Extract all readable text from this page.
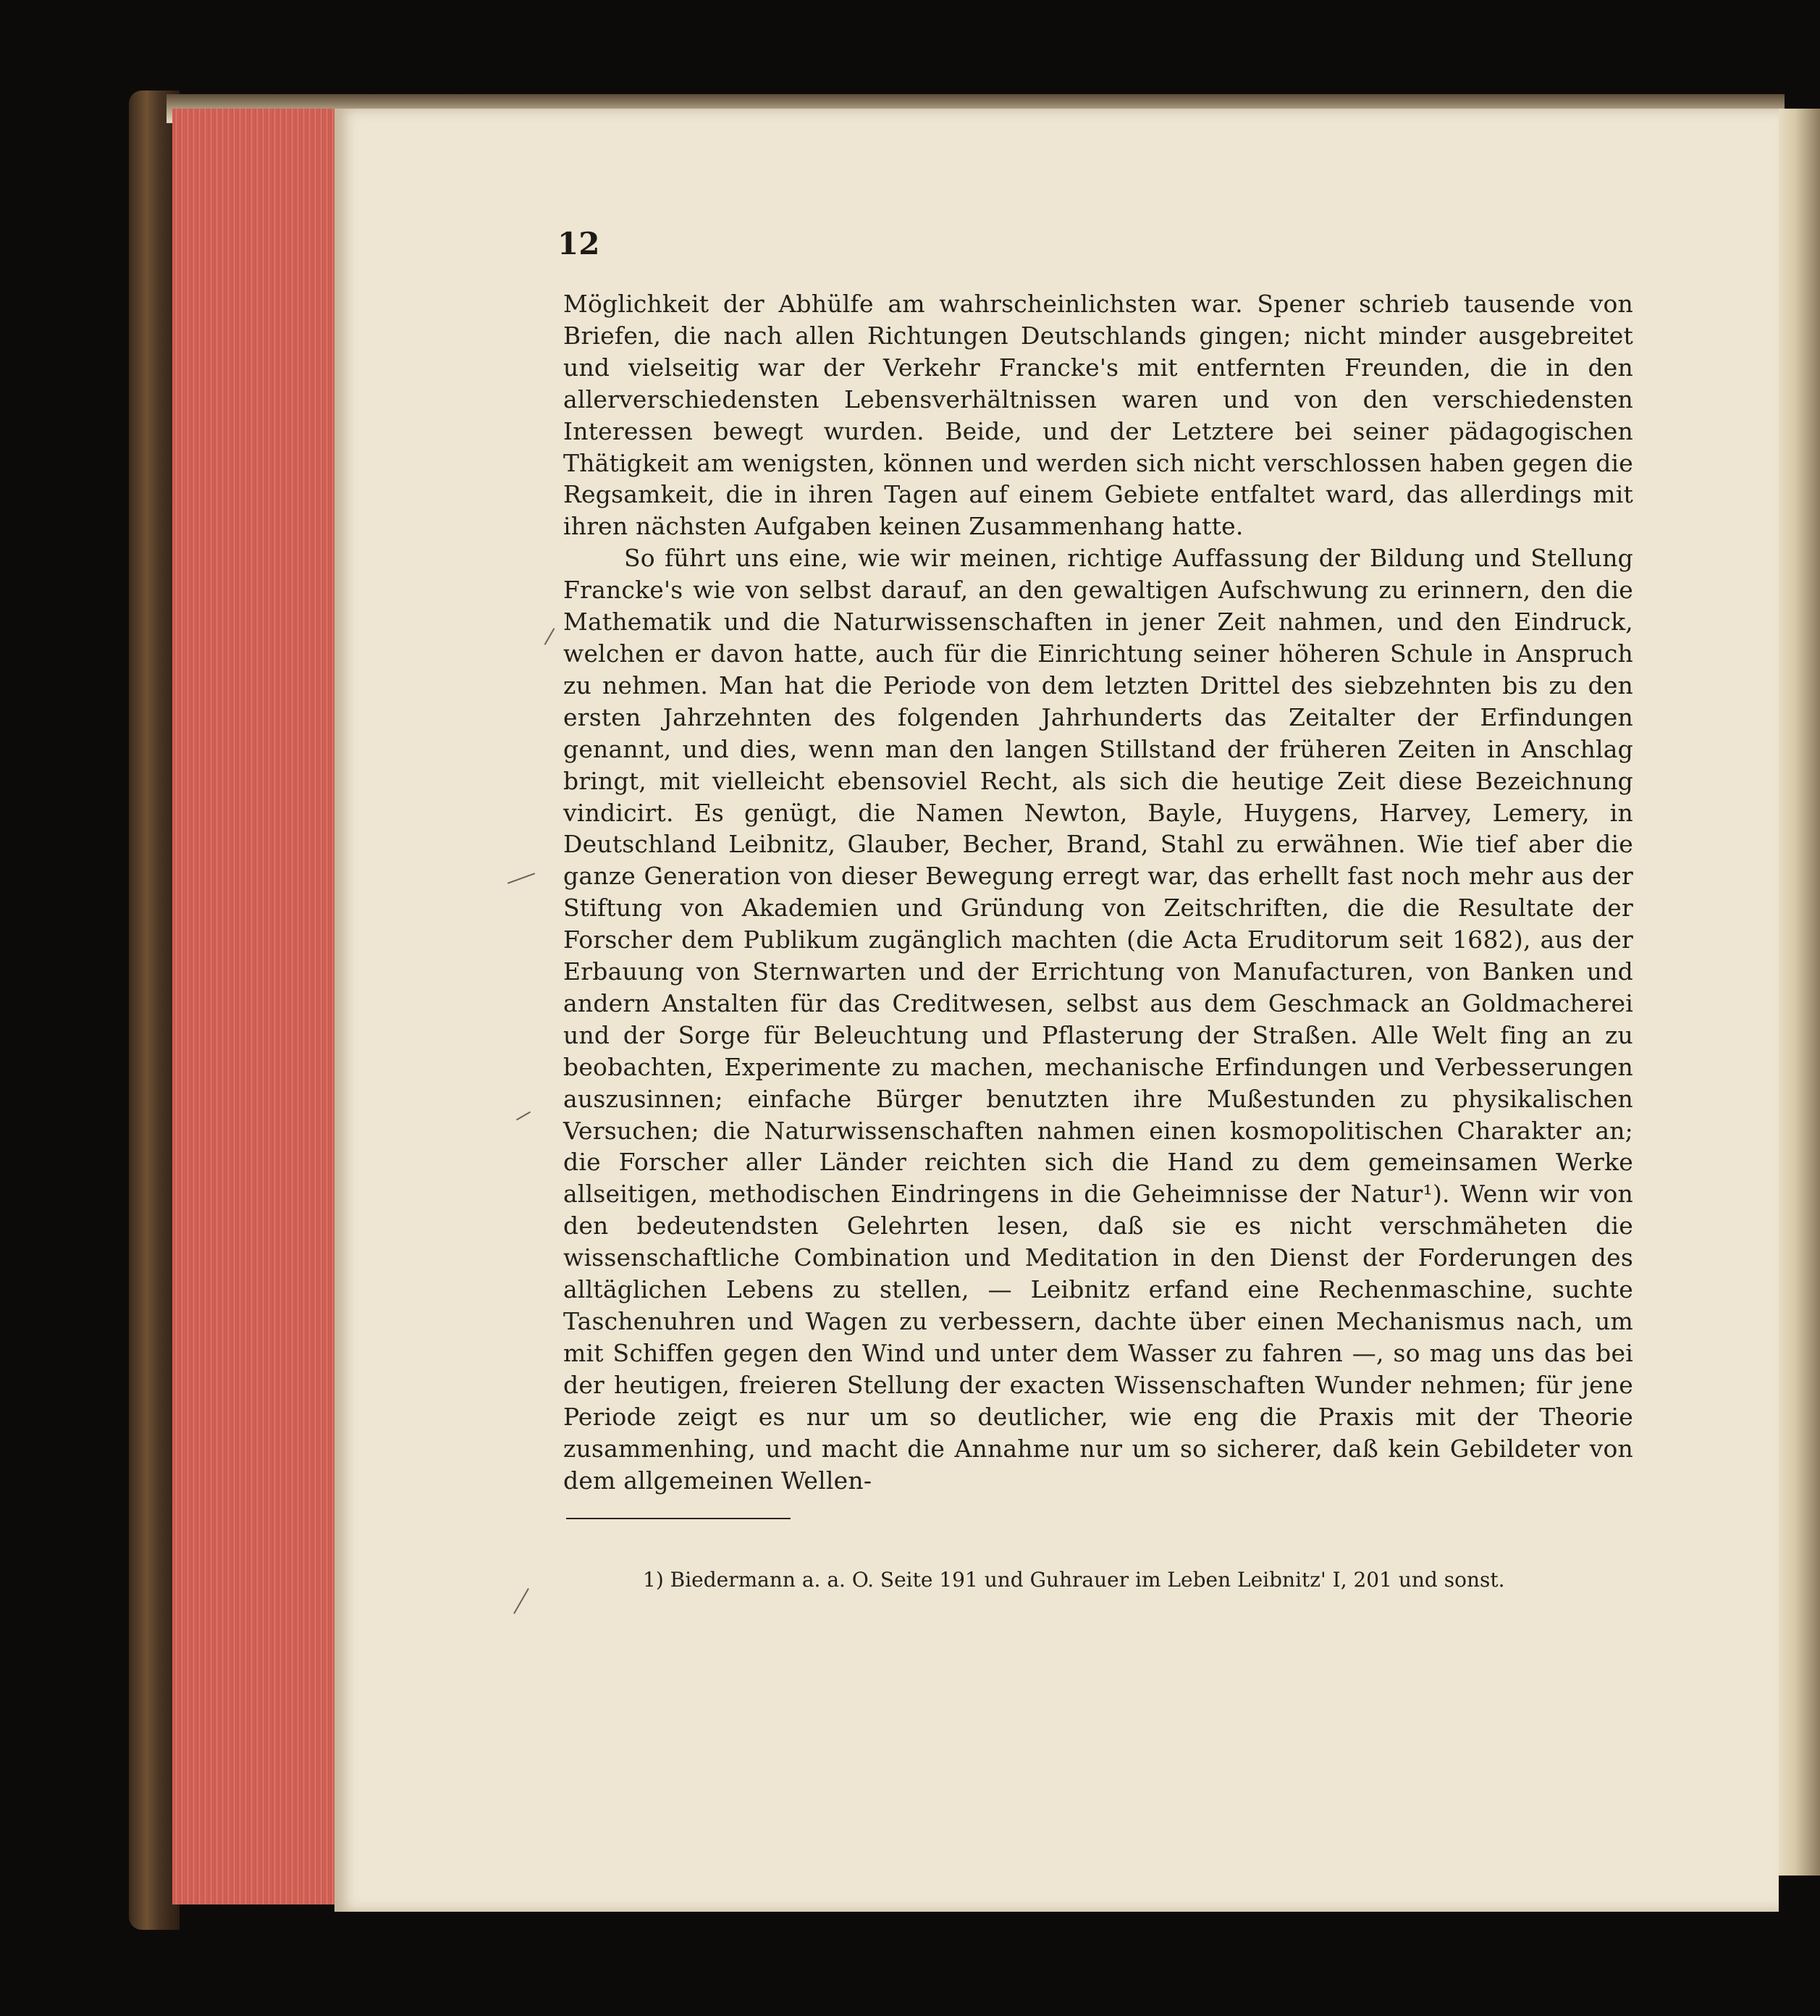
12

Möglichkeit der Abhülfe am wahrscheinlichsten war. Spener schrieb tausende von Briefen, die nach allen Richtungen Deutschlands gingen; nicht minder ausgebreitet und vielseitig war der Verkehr Francke's mit entfernten Freunden, die in den allerverschiedensten Lebensverhältnissen waren und von den verschiedensten Interessen bewegt wurden. Beide, und der Letztere bei seiner pädagogischen Thätigkeit am wenigsten, können und werden sich nicht verschlossen haben gegen die Regsamkeit, die in ihren Tagen auf einem Gebiete entfaltet ward, das allerdings mit ihren nächsten Aufgaben keinen Zusammenhang hatte.

So führt uns eine, wie wir meinen, richtige Auffassung der Bildung und Stellung Francke's wie von selbst darauf, an den gewaltigen Aufschwung zu erinnern, den die Mathematik und die Naturwissenschaften in jener Zeit nahmen, und den Eindruck, welchen er davon hatte, auch für die Einrichtung seiner höheren Schule in Anspruch zu nehmen. Man hat die Periode von dem letzten Drittel des siebzehnten bis zu den ersten Jahrzehnten des folgenden Jahrhunderts das Zeitalter der Erfindungen genannt, und dies, wenn man den langen Stillstand der früheren Zeiten in Anschlag bringt, mit vielleicht ebensoviel Recht, als sich die heutige Zeit diese Bezeichnung vindicirt. Es genügt, die Namen Newton, Bayle, Huygens, Harvey, Lemery, in Deutschland Leibnitz, Glauber, Becher, Brand, Stahl zu erwähnen. Wie tief aber die ganze Generation von dieser Bewegung erregt war, das erhellt fast noch mehr aus der Stiftung von Akademien und Gründung von Zeitschriften, die die Resultate der Forscher dem Publikum zugänglich machten (die Acta Eruditorum seit 1682), aus der Erbauung von Sternwarten und der Errichtung von Manufacturen, von Banken und andern Anstalten für das Creditwesen, selbst aus dem Geschmack an Goldmacherei und der Sorge für Beleuchtung und Pflasterung der Straßen. Alle Welt fing an zu beobachten, Experimente zu machen, mechanische Erfindungen und Verbesserungen auszusinnen; einfache Bürger benutzten ihre Mußestunden zu physikalischen Versuchen; die Naturwissenschaften nahmen einen kosmopolitischen Charakter an; die Forscher aller Länder reichten sich die Hand zu dem gemeinsamen Werke allseitigen, methodischen Eindringens in die Geheimnisse der Natur¹). Wenn wir von den bedeutendsten Gelehrten lesen, daß sie es nicht verschmäheten die wissenschaftliche Combination und Meditation in den Dienst der Forderungen des alltäglichen Lebens zu stellen, — Leibnitz erfand eine Rechenmaschine, suchte Taschenuhren und Wagen zu verbessern, dachte über einen Mechanismus nach, um mit Schiffen gegen den Wind und unter dem Wasser zu fahren —, so mag uns das bei der heutigen, freieren Stellung der exacten Wissenschaften Wunder nehmen; für jene Periode zeigt es nur um so deutlicher, wie eng die Praxis mit der Theorie zusammenhing, und macht die Annahme nur um so sicherer, daß kein Gebildeter von dem allgemeinen Wellen-

1) Biedermann a. a. O. Seite 191 und Guhrauer im Leben Leibnitz' I, 201 und sonst.
